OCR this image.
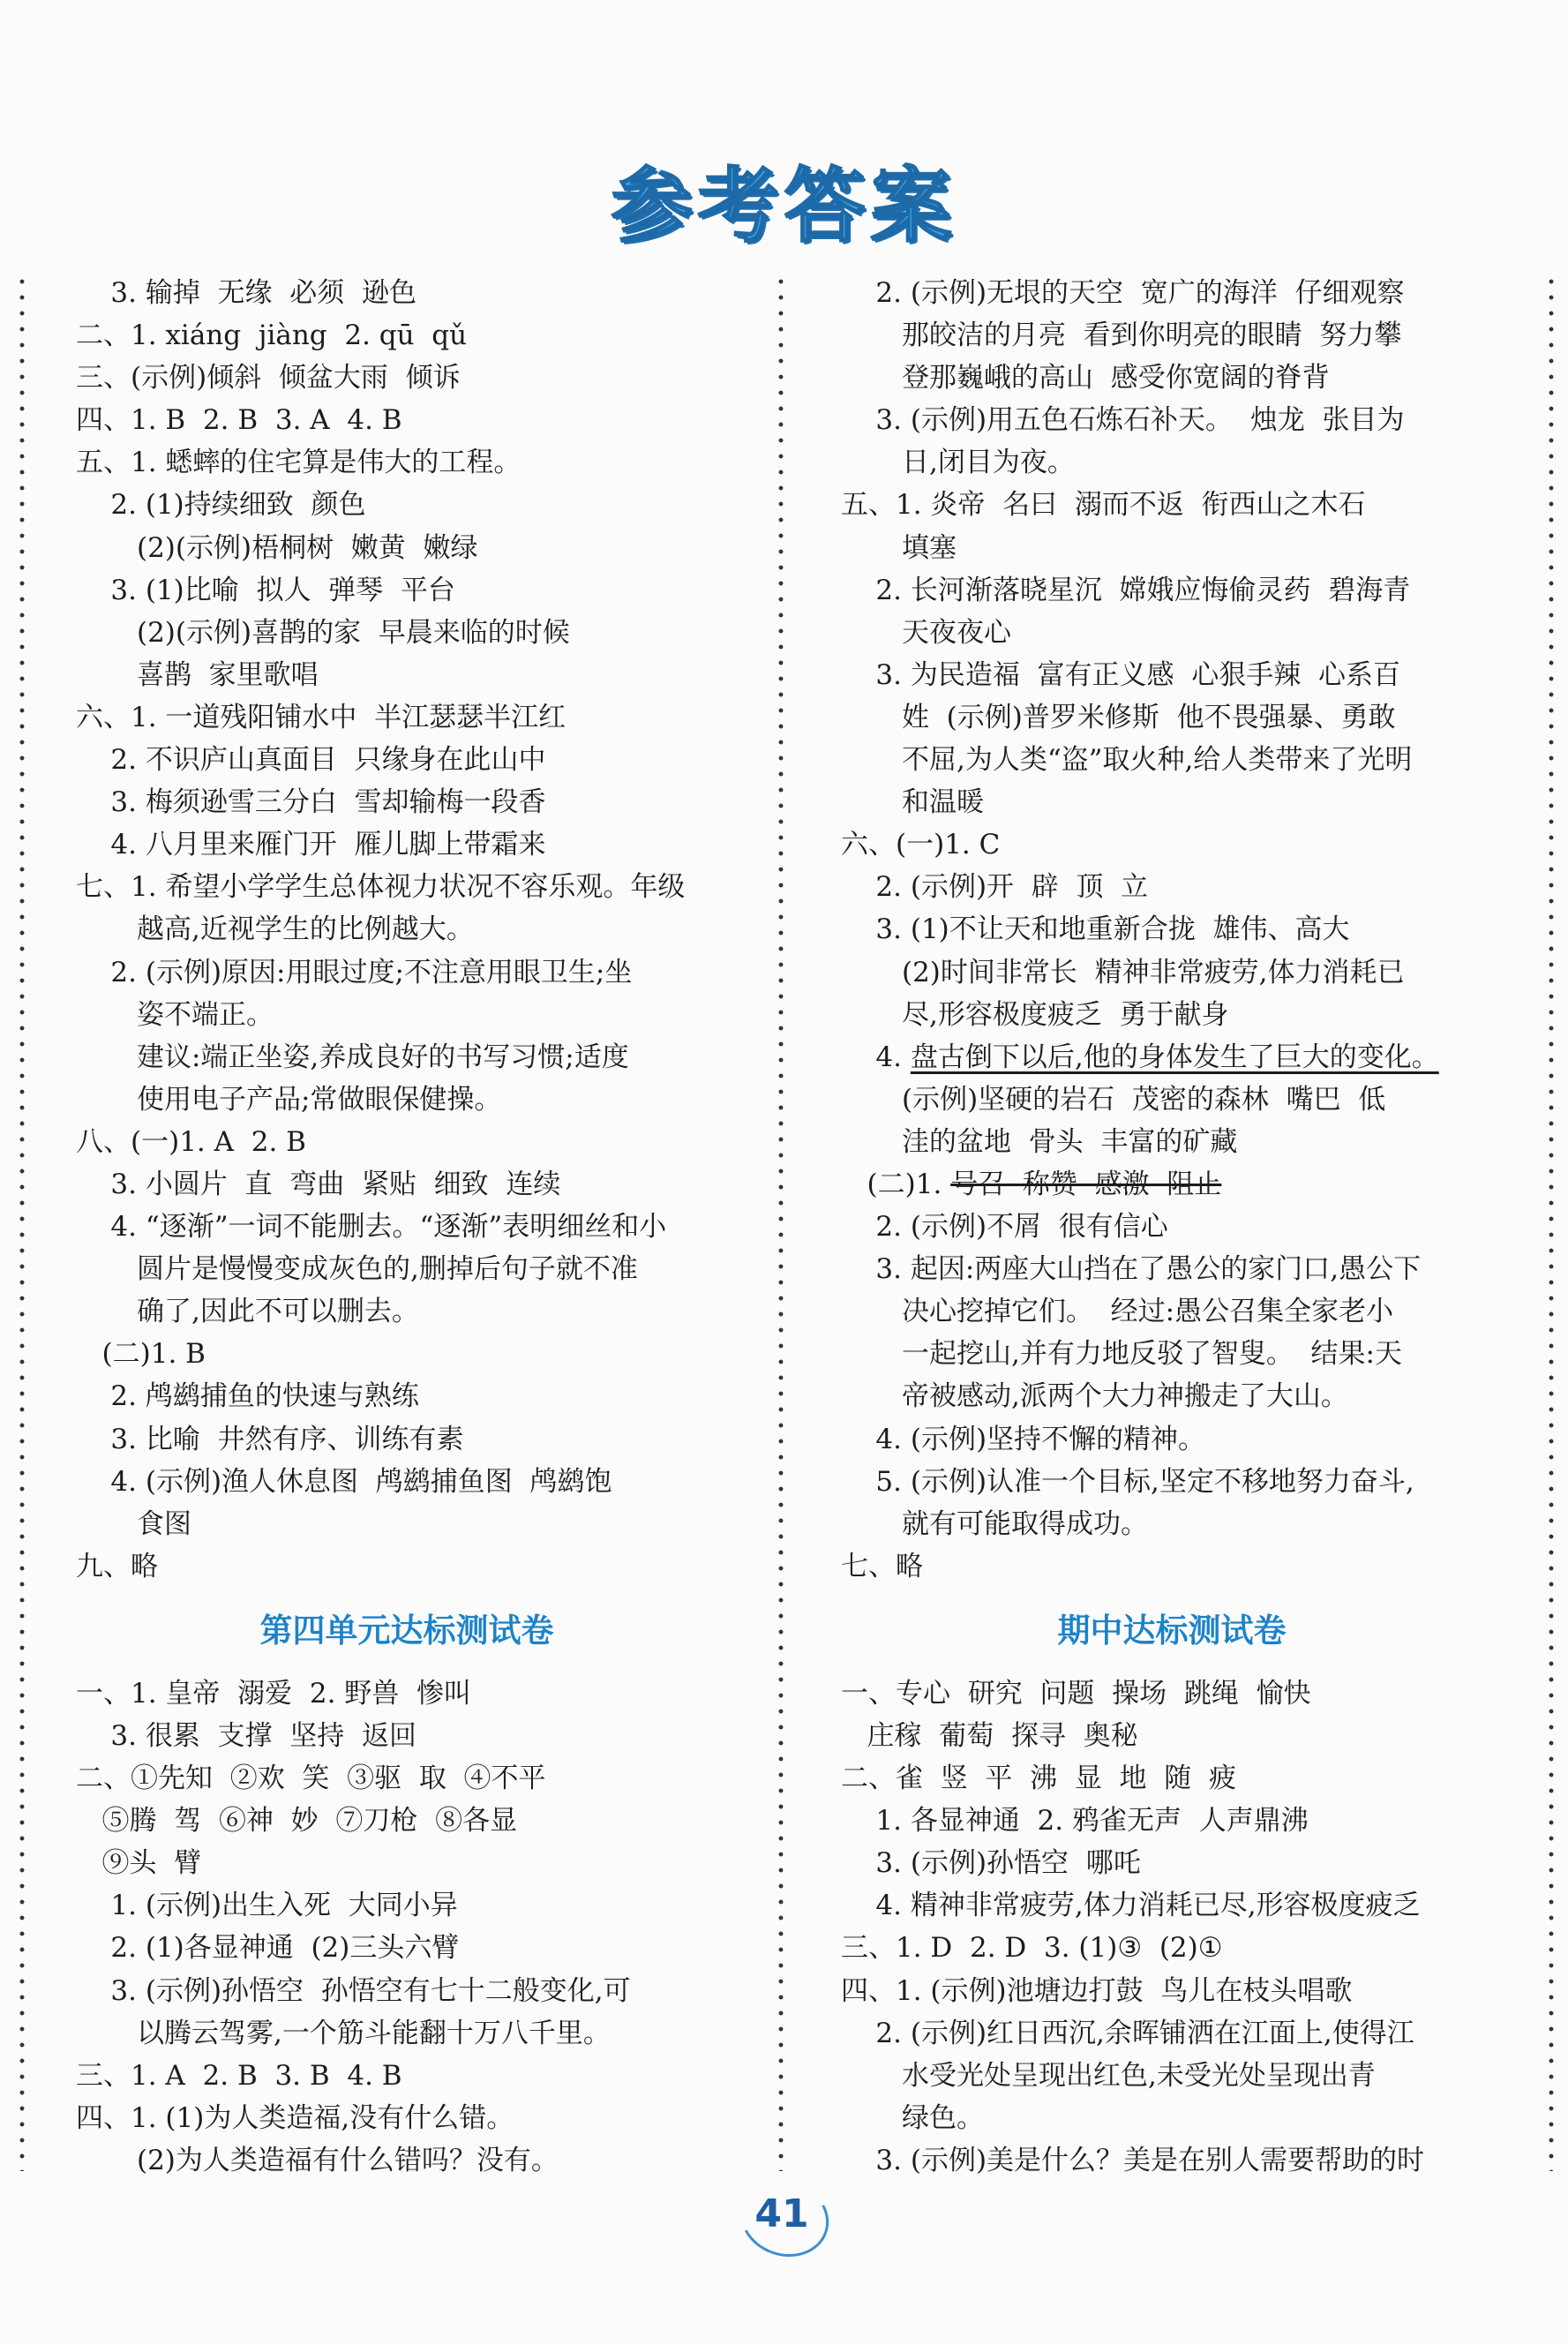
参考答案
3. 输掉  无缘  必须  逊色
二、1. xiáng  jiàng  2. qū  qǔ
三、(示例)倾斜  倾盆大雨  倾诉
四、1. B  2. B  3. A  4. B
五、1. 蟋蟀的住宅算是伟大的工程。
2. (1)持续细致  颜色
(2)(示例)梧桐树  嫩黄  嫩绿
3. (1)比喻  拟人  弹琴  平台
(2)(示例)喜鹊的家  早晨来临的时候
喜鹊  家里歌唱
六、1. 一道残阳铺水中  半江瑟瑟半江红
2. 不识庐山真面目  只缘身在此山中
3. 梅须逊雪三分白  雪却输梅一段香
4. 八月里来雁门开  雁儿脚上带霜来
七、1. 希望小学学生总体视力状况不容乐观。年级
越高,近视学生的比例越大。
2. (示例)原因:用眼过度;不注意用眼卫生;坐
姿不端正。
建议:端正坐姿,养成良好的书写习惯;适度
使用电子产品;常做眼保健操。
八、(一)1. A  2. B
3. 小圆片  直  弯曲  紧贴  细致  连续
4. “逐渐”一词不能删去。“逐渐”表明细丝和小
圆片是慢慢变成灰色的,删掉后句子就不准
确了,因此不可以删去。
(二)1. B
2. 鸬鹚捕鱼的快速与熟练
3. 比喻  井然有序、训练有素
4. (示例)渔人休息图  鸬鹚捕鱼图  鸬鹚饱
食图
九、略
第四单元达标测试卷
一、1. 皇帝  溺爱  2. 野兽  惨叫
3. 很累  支撑  坚持  返回
二、①先知  ②欢  笑  ③驱  取  ④不平
⑤腾  驾  ⑥神  妙  ⑦刀枪  ⑧各显
⑨头  臂
1. (示例)出生入死  大同小异
2. (1)各显神通  (2)三头六臂
3. (示例)孙悟空  孙悟空有七十二般变化,可
以腾云驾雾,一个筋斗能翻十万八千里。
三、1. A  2. B  3. B  4. B
四、1. (1)为人类造福,没有什么错。
(2)为人类造福有什么错吗？没有。
2. (示例)无垠的天空  宽广的海洋  仔细观察
那皎洁的月亮  看到你明亮的眼睛  努力攀
登那巍峨的高山  感受你宽阔的脊背
3. (示例)用五色石炼石补天。  烛龙  张目为
日,闭目为夜。
五、1. 炎帝  名曰  溺而不返  衔西山之木石
填塞
2. 长河渐落晓星沉  嫦娥应悔偷灵药  碧海青
天夜夜心
3. 为民造福  富有正义感  心狠手辣  心系百
姓  (示例)普罗米修斯  他不畏强暴、勇敢
不屈,为人类“盗”取火种,给人类带来了光明
和温暖
六、(一)1. C
2. (示例)开  辟  顶  立
3. (1)不让天和地重新合拢  雄伟、高大
(2)时间非常长  精神非常疲劳,体力消耗已
尽,形容极度疲乏  勇于献身
4. 盘古倒下以后,他的身体发生了巨大的变化。
(示例)坚硬的岩石  茂密的森林  嘴巴  低
洼的盆地  骨头  丰富的矿藏
(二)1. 号召  称赞  感激  阻止
2. (示例)不屑  很有信心
3. 起因:两座大山挡在了愚公的家门口,愚公下
决心挖掉它们。  经过:愚公召集全家老小
一起挖山,并有力地反驳了智叟。  结果:天
帝被感动,派两个大力神搬走了大山。
4. (示例)坚持不懈的精神。
5. (示例)认准一个目标,坚定不移地努力奋斗,
就有可能取得成功。
七、略
期中达标测试卷
一、专心  研究  问题  操场  跳绳  愉快
庄稼  葡萄  探寻  奥秘
二、雀  竖  平  沸  显  地  随  疲
1. 各显神通  2. 鸦雀无声  人声鼎沸
3. (示例)孙悟空  哪吒
4. 精神非常疲劳,体力消耗已尽,形容极度疲乏
三、1. D  2. D  3. (1)③  (2)①
四、1. (示例)池塘边打鼓  鸟儿在枝头唱歌
2. (示例)红日西沉,余晖铺洒在江面上,使得江
水受光处呈现出红色,未受光处呈现出青
绿色。
3. (示例)美是什么？美是在别人需要帮助的时
41
